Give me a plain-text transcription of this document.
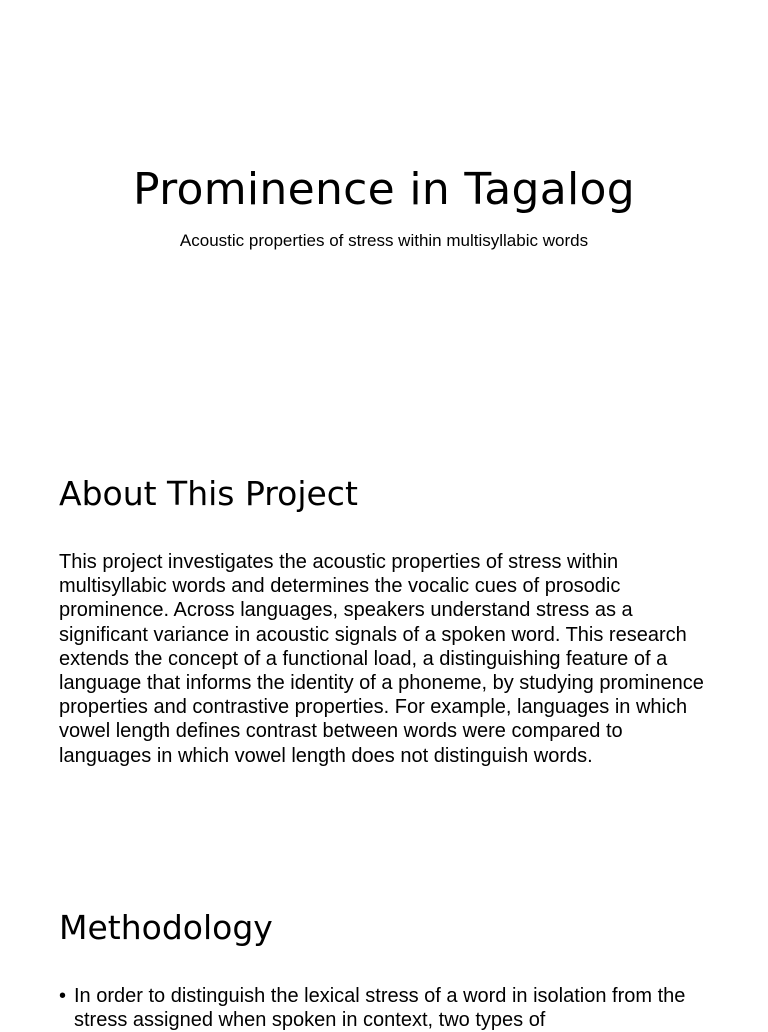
Prominence in Tagalog

Acoustic properties of stress within multisyllabic words

About This Project

This project investigates the acoustic properties of stress within multisyllabic words and determines the vocalic cues of prosodic prominence. Across languages, speakers understand stress as a significant variance in acoustic signals of a spoken word. This research extends the concept of a functional load, a distinguishing feature of a language that informs the identity of a phoneme, by studying prominence properties and contrastive properties. For example, languages in which vowel length defines contrast between words were compared to languages in which vowel length does not distinguish words.

Methodology
• In order to distinguish the lexical stress of a word in isolation from the stress assigned when spoken in context, two types of
